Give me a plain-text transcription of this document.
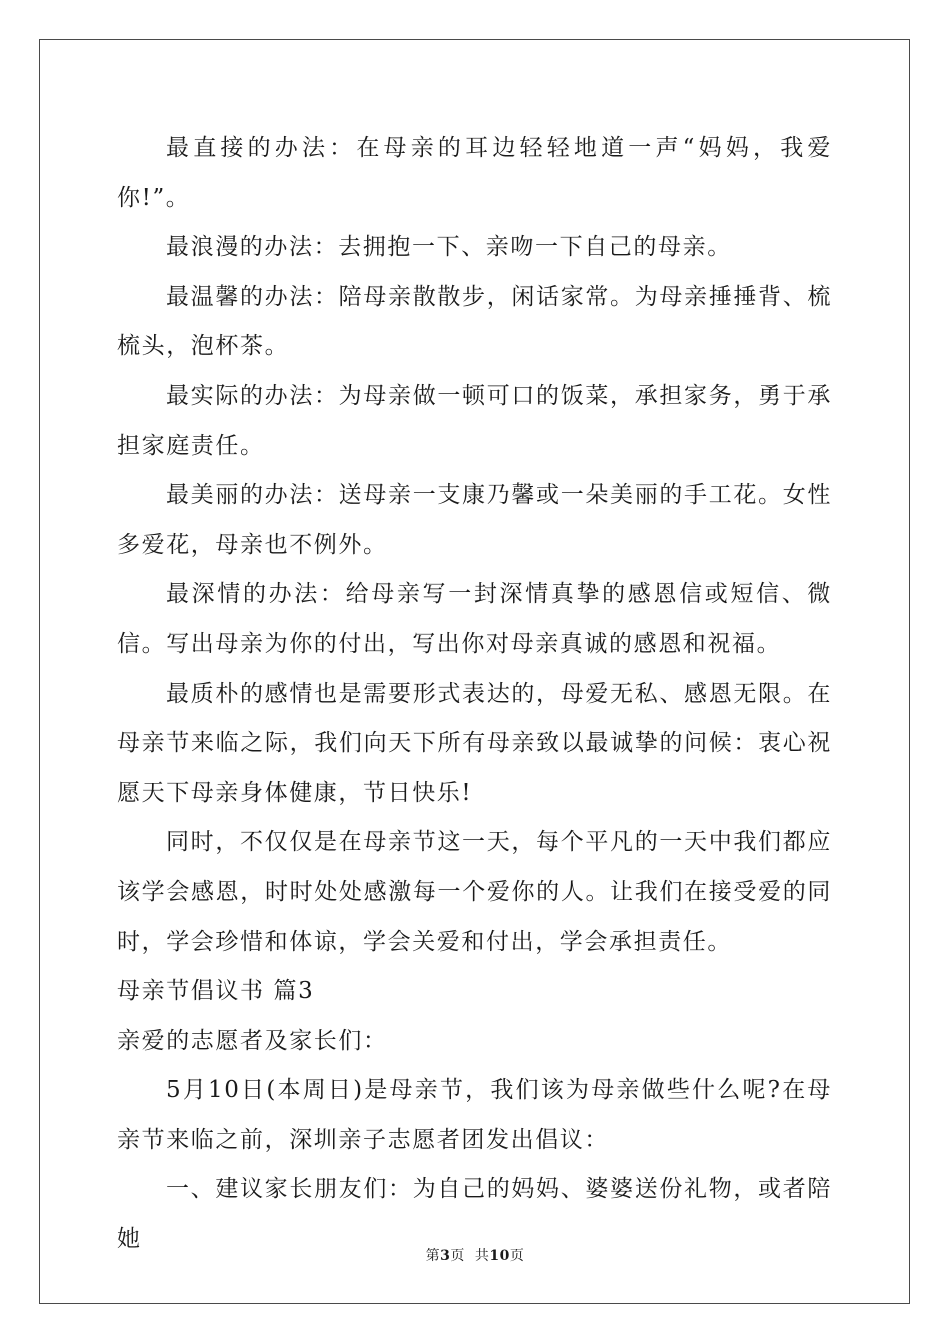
最直接的办法：在母亲的耳边轻轻地道一声“妈妈，我爱你!”。

最浪漫的办法：去拥抱一下、亲吻一下自己的母亲。

最温馨的办法：陪母亲散散步，闲话家常。为母亲捶捶背、梳梳头，泡杯茶。

最实际的办法：为母亲做一顿可口的饭菜，承担家务，勇于承担家庭责任。

最美丽的办法：送母亲一支康乃馨或一朵美丽的手工花。女性多爱花，母亲也不例外。

最深情的办法：给母亲写一封深情真挚的感恩信或短信、微信。写出母亲为你的付出，写出你对母亲真诚的感恩和祝福。

最质朴的感情也是需要形式表达的，母爱无私、感恩无限。在母亲节来临之际，我们向天下所有母亲致以最诚挚的问候：衷心祝愿天下母亲身体健康，节日快乐!

同时，不仅仅是在母亲节这一天，每个平凡的一天中我们都应该学会感恩，时时处处感激每一个爱你的人。让我们在接受爱的同时，学会珍惜和体谅，学会关爱和付出，学会承担责任。

母亲节倡议书 篇3

亲爱的志愿者及家长们：

5月10日(本周日)是母亲节，我们该为母亲做些什么呢?在母亲节来临之前，深圳亲子志愿者团发出倡议：

一、建议家长朋友们：为自己的妈妈、婆婆送份礼物，或者陪她

第3页  共10页
